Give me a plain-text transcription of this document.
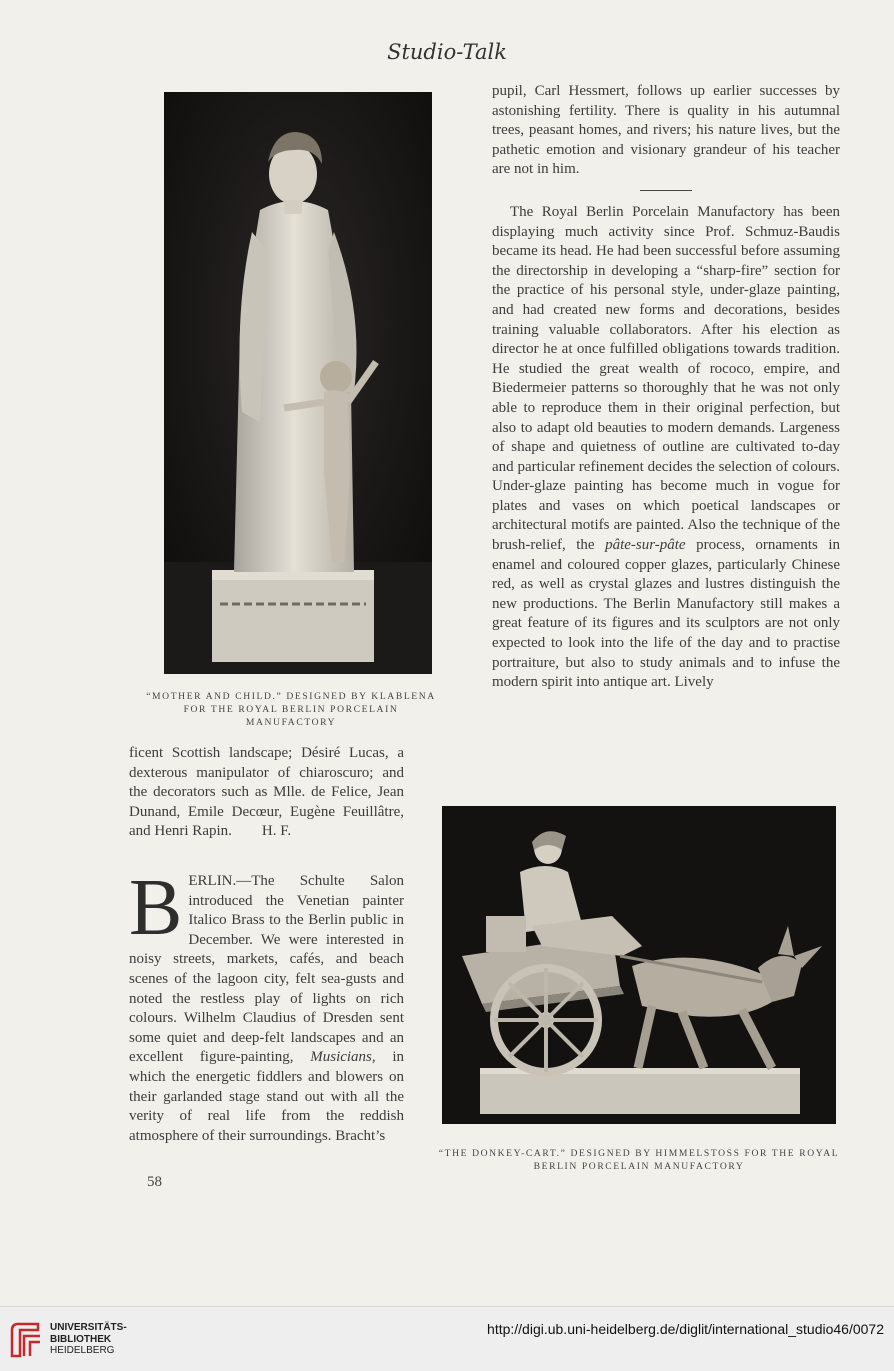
Studio-Talk
“MOTHER AND CHILD.” DESIGNED BY KLABLENA FOR THE ROYAL BERLIN PORCELAIN MANUFACTORY

pupil, Carl Hessmert, follows up earlier successes by astonishing fertility. There is quality in his autumnal trees, peasant homes, and rivers; his nature lives, but the pathetic emotion and visionary grandeur of his teacher are not in him.

The Royal Berlin Porcelain Manufactory has been displaying much activity since Prof. Schmuz-Baudis became its head. He had been successful before assuming the directorship in developing a “sharp-fire” section for the practice of his personal style, under-glaze painting, and had created new forms and decorations, besides training valuable collaborators. After his election as director he at once fulfilled obligations towards tradition. He studied the great wealth of rococo, empire, and Biedermeier patterns so thoroughly that he was not only able to reproduce them in their original perfection, but also to adapt old beauties to modern demands. Largeness of shape and quietness of outline are cultivated to-day and particular refinement decides the selection of colours. Under-glaze painting has become much in vogue for plates and vases on which poetical landscapes or architectural motifs are painted. Also the technique of the brush-relief, the pâte-sur-pâte process, ornaments in enamel and coloured copper glazes, particularly Chinese red, as well as crystal glazes and lustres distinguish the new productions. The Berlin Manufactory still makes a great feature of its figures and its sculptors are not only expected to look into the life of the day and to practise portraiture, but also to study animals and to infuse the modern spirit into antique art. Lively

ficent Scottish landscape; Désiré Lucas, a dexterous manipulator of chiaroscuro; and the decorators such as Mlle. de Felice, Jean Dunand, Emile Decœur, Eugène Feuillâtre, and Henri Rapin. H. F.

BERLIN.—The Schulte Salon introduced the Venetian painter Italico Brass to the Berlin public in December. We were interested in noisy streets, markets, cafés, and beach scenes of the lagoon city, felt sea-gusts and noted the restless play of lights on rich colours. Wilhelm Claudius of Dresden sent some quiet and deep-felt landscapes and an excellent figure-painting, Musicians, in which the energetic fiddlers and blowers on their garlanded stage stand out with all the verity of real life from the reddish atmosphere of their surroundings. Bracht’s

“THE DONKEY-CART.” DESIGNED BY HIMMELSTOSS FOR THE ROYAL BERLIN PORCELAIN MANUFACTORY
58
UNIVERSITÄTS-
BIBLIOTHEK
HEIDELBERG
http://digi.ub.uni-heidelberg.de/diglit/international_studio46/0072
